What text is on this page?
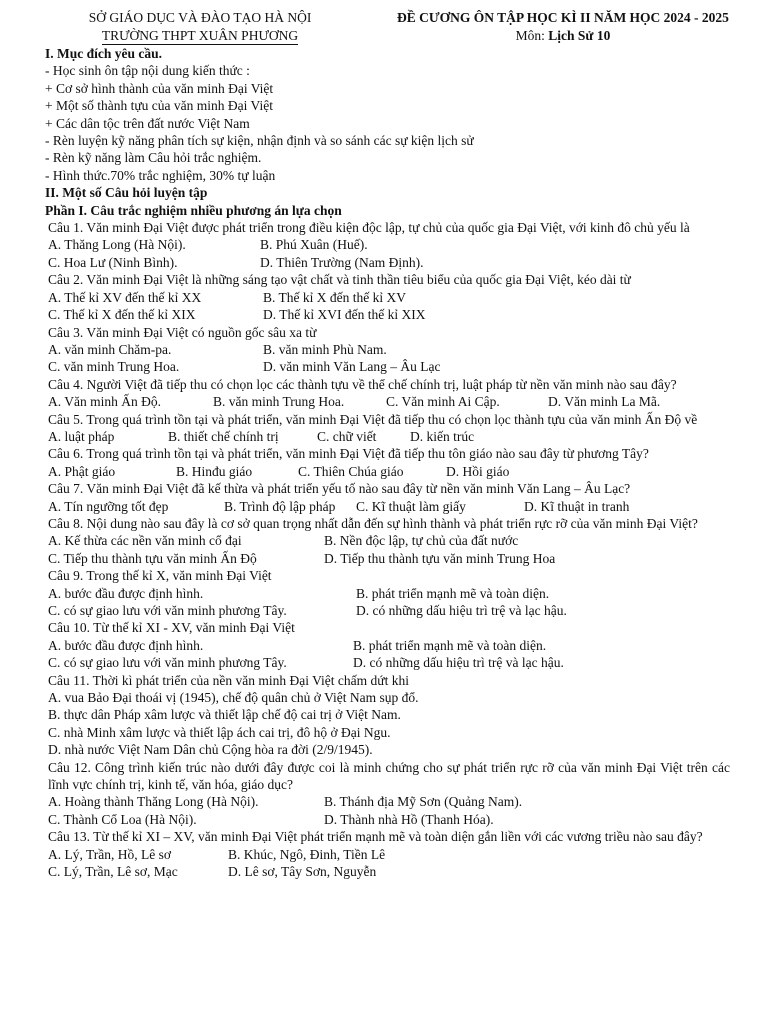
SỞ GIÁO DỤC VÀ ĐÀO TẠO HÀ NỘI
TRƯỜNG THPT XUÂN PHƯƠNG
ĐỀ CƯƠNG ÔN TẬP HỌC KÌ II NĂM HỌC 2024 - 2025
Môn: Lịch Sử 10
I. Mục đích yêu cầu.
- Học sinh ôn tập nội dung kiến thức :
+ Cơ sở hình thành của văn minh Đại Việt
+ Một số thành tựu của văn minh Đại Việt
+ Các dân tộc trên đất nước Việt Nam
- Rèn luyện kỹ năng phân tích sự kiện, nhận định và so sánh các sự kiện lịch sử
- Rèn kỹ năng làm Câu hỏi trắc nghiệm.
- Hình thức.70% trắc nghiệm, 30% tự luận
II. Một số Câu hỏi luyện tập
Phần I. Câu trắc nghiệm nhiều phương án lựa chọn
Câu 1. Văn minh Đại Việt được phát triển trong điều kiện độc lập, tự chủ của quốc gia Đại Việt, với kinh đô chủ yếu là
A. Thăng Long (Hà Nội).	B. Phú Xuân (Huế).
C. Hoa Lư (Ninh Bình).	D. Thiên Trường (Nam Định).
Câu 2. Văn minh Đại Việt là những sáng tạo vật chất và tinh thần tiêu biểu của quốc gia Đại Việt, kéo dài từ
A. Thế kỉ XV đến thế kỉ XX	B. Thế kỉ X đến thế kỉ XV
C. Thế kỉ X đến thế kỉ XIX	D. Thế kỉ XVI đến thế kỉ XIX
Câu 3. Văn minh Đại Việt có nguồn gốc sâu xa từ
A. văn minh Chăm-pa.	B. văn minh Phù Nam.
C. văn minh Trung Hoa.	D. văn minh Văn Lang – Âu Lạc
Câu 4. Người Việt đã tiếp thu có chọn lọc các thành tựu về thể chế chính trị, luật pháp từ nền văn minh nào sau đây?
A. Văn minh Ấn Độ.	B. văn minh Trung Hoa.	C. Văn minh Ai Cập.	D. Văn minh La Mã.
Câu 5. Trong quá trình tồn tại và phát triển, văn minh Đại Việt đã tiếp thu có chọn lọc thành tựu của văn minh Ấn Độ về
A. luật pháp	B. thiết chế chính trị	C. chữ viết	D. kiến trúc
Câu 6. Trong quá trình tồn tại và phát triển, văn minh Đại Việt đã tiếp thu tôn giáo nào sau đây từ phương Tây?
A. Phật giáo	B. Hinđu giáo	C. Thiên Chúa giáo	D. Hồi giáo
Câu 7. Văn minh Đại Việt đã kế thừa và phát triển yếu tố nào sau đây từ nền văn minh Văn Lang – Âu Lạc?
A. Tín ngưỡng tốt đẹp	B. Trình độ lập pháp	C. Kĩ thuật làm giấy	D. Kĩ thuật in tranh
Câu 8. Nội dung nào sau đây là cơ sở quan trọng nhất dẫn đến sự hình thành và phát triển rực rỡ của văn minh Đại Việt?
A. Kế thừa các nền văn minh cổ đại	B. Nền độc lập, tự chủ của đất nước
C. Tiếp thu thành tựu văn minh Ấn Độ	D. Tiếp thu thành tựu văn minh Trung Hoa
Câu 9. Trong thế kỉ X, văn minh Đại Việt
A. bước đầu được định hình.	B. phát triển mạnh mẽ và toàn diện.
C. có sự giao lưu với văn minh phương Tây.	D. có những dấu hiệu trì trệ và lạc hậu.
Câu 10. Từ thế kỉ XI - XV, văn minh Đại Việt
A. bước đầu được định hình.	B. phát triển mạnh mẽ và toàn diện.
C. có sự giao lưu với văn minh phương Tây.	D. có những dấu hiệu trì trệ và lạc hậu.
Câu 11. Thời kì phát triển của nền văn minh Đại Việt chấm dứt khi
A. vua Bảo Đại thoái vị (1945), chế độ quân chủ ở Việt Nam sụp đổ.
B. thực dân Pháp xâm lược và thiết lập chế độ cai trị ở Việt Nam.
C. nhà Minh xâm lược và thiết lập ách cai trị, đô hộ ở Đại Ngu.
D. nhà nước Việt Nam Dân chủ Cộng hòa ra đời (2/9/1945).
Câu 12. Công trình kiến trúc nào dưới đây được coi là minh chứng cho sự phát triển rực rỡ của văn minh Đại Việt trên các lĩnh vực chính trị, kinh tế, văn hóa, giáo dục?
A. Hoàng thành Thăng Long (Hà Nội).	B. Thánh địa Mỹ Sơn (Quảng Nam).
C. Thành Cổ Loa (Hà Nội).	D. Thành nhà Hồ (Thanh Hóa).
Câu 13. Từ thế kỉ XI – XV, văn minh Đại Việt phát triển mạnh mẽ và toàn diện gắn liền với các vương triều nào sau đây?
A. Lý, Trần, Hồ, Lê sơ	B. Khúc, Ngô, Đinh, Tiền Lê
C. Lý, Trần, Lê sơ, Mạc	D. Lê sơ, Tây Sơn, Nguyễn
